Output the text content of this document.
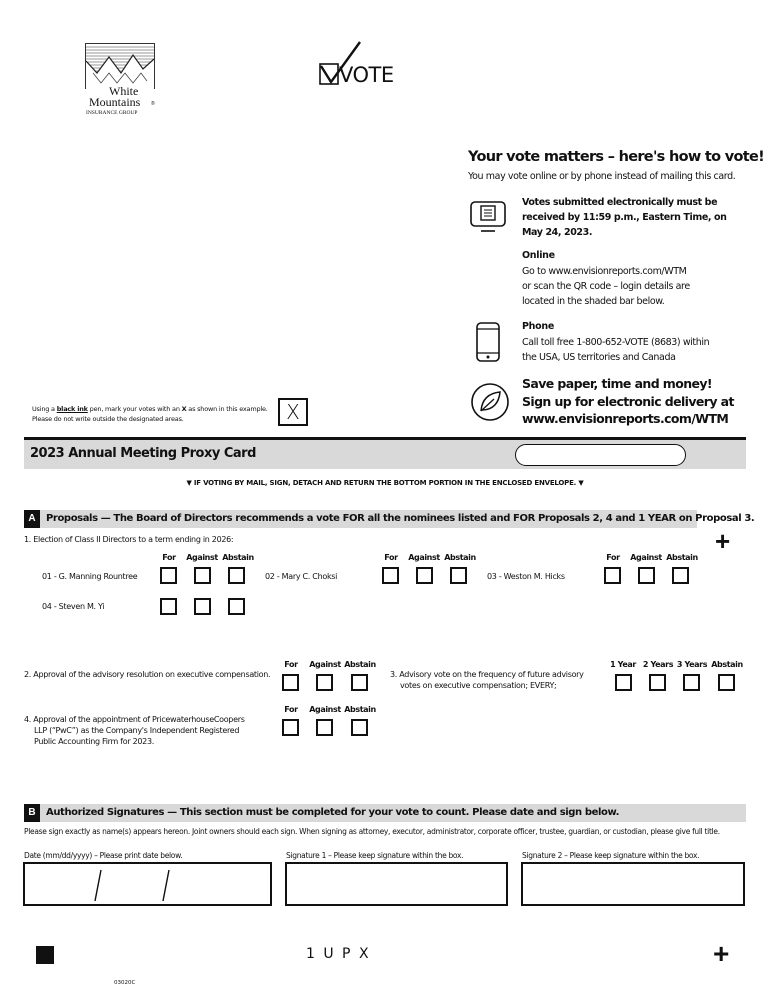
White
Mountains ®
INSURANCE GROUP
VOTE
Your vote matters – here's how to vote!
You may vote online or by phone instead of mailing this card.
Votes submitted electronically must be
received by 11:59 p.m., Eastern Time, on
May 24, 2023.
Online
Go to www.envisionreports.com/WTM
or scan the QR code – login details are
located in the shaded bar below.
Phone
Call toll free 1-800-652-VOTE (8683) within
the USA, US territories and Canada
Save paper, time and money!
Sign up for electronic delivery at
www.envisionreports.com/WTM
Using a black ink pen, mark your votes with an X as shown in this example.
Please do not write outside the designated areas.	X
2023 Annual Meeting Proxy Card
▼ IF VOTING BY MAIL, SIGN, DETACH AND RETURN THE BOTTOM PORTION IN THE ENCLOSED ENVELOPE. ▼
A	Proposals — The Board of Directors recommends a vote FOR all the nominees listed and FOR Proposals 2, 4 and 1 YEAR on Proposal 3.
+
1. Election of Class II Directors to a term ending in 2026:
For	Against Abstain	For	Against Abstain	For	Against Abstain
01 - G. Manning Rountree	02 - Mary C. Choksi	03 - Weston M. Hicks
04 - Steven M. Yi
2. Approval of the advisory resolution on executive compensation.
For	Against Abstain
3. Advisory vote on the frequency of future advisory
votes on executive compensation; EVERY;
1 Year 2 Years 3 Years Abstain
4. Approval of the appointment of PricewaterhouseCoopers
LLP (“PwC”) as the Company's Independent Registered
Public Accounting Firm for 2023.
For	Against Abstain
B	Authorized Signatures — This section must be completed for your vote to count. Please date and sign below.
Please sign exactly as name(s) appears hereon. Joint owners should each sign. When signing as attorney, executor, administrator, corporate officer, trustee, guardian, or custodian, please give full title.
Date (mm/dd/yyyy) – Please print date below.	Signature 1 – Please keep signature within the box.	Signature 2 – Please keep signature within the box.
1 U P X	+
03020C
